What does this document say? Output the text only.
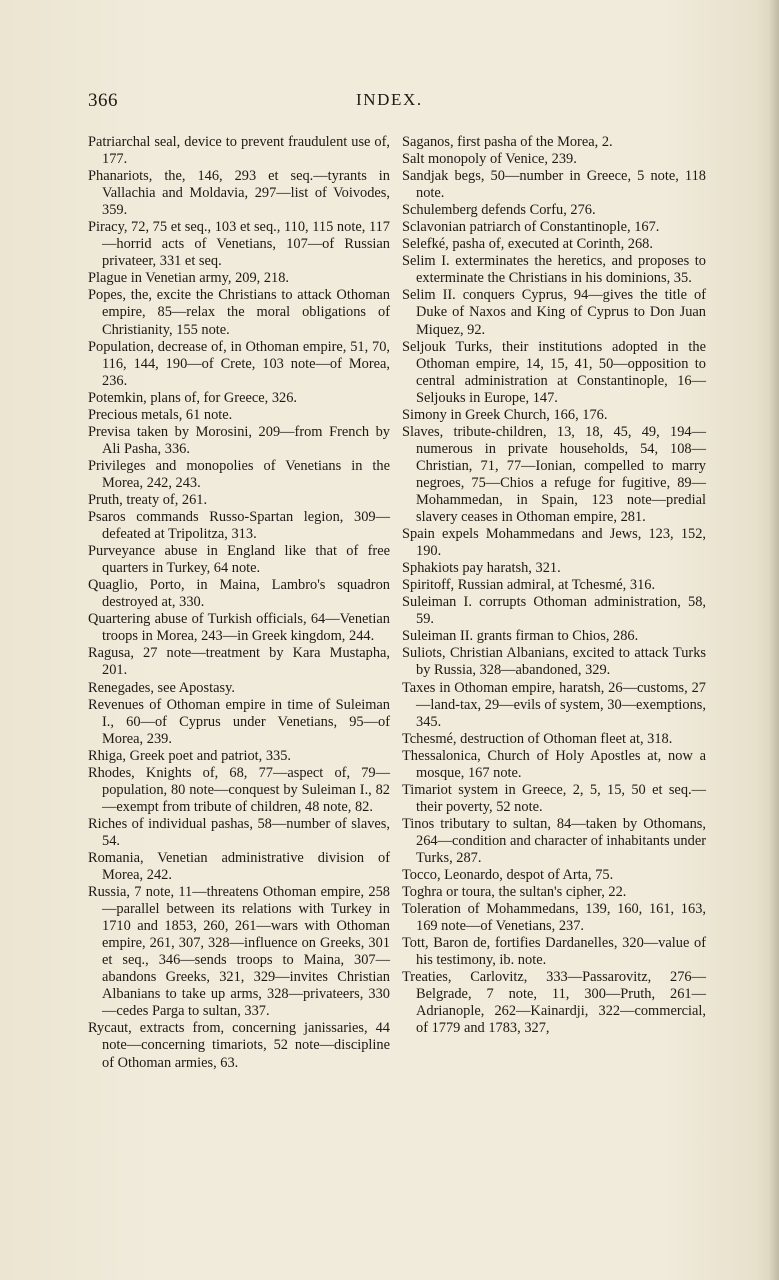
366	INDEX.

Patriarchal seal, device to prevent fraudulent use of, 177.

Phanariots, the, 146, 293 et seq.—tyrants in Vallachia and Moldavia, 297—list of Voivodes, 359.

Piracy, 72, 75 et seq., 103 et seq., 110, 115 note, 117—horrid acts of Venetians, 107—of Russian privateer, 331 et seq.

Plague in Venetian army, 209, 218.

Popes, the, excite the Christians to attack Othoman empire, 85—relax the moral obligations of Christianity, 155 note.

Population, decrease of, in Othoman empire, 51, 70, 116, 144, 190—of Crete, 103 note—of Morea, 236.

Potemkin, plans of, for Greece, 326.

Precious metals, 61 note.

Previsa taken by Morosini, 209—from French by Ali Pasha, 336.

Privileges and monopolies of Venetians in the Morea, 242, 243.

Pruth, treaty of, 261.

Psaros commands Russo-Spartan legion, 309—defeated at Tripolitza, 313.

Purveyance abuse in England like that of free quarters in Turkey, 64 note.

Quaglio, Porto, in Maina, Lambro's squadron destroyed at, 330.

Quartering abuse of Turkish officials, 64—Venetian troops in Morea, 243—in Greek kingdom, 244.

Ragusa, 27 note—treatment by Kara Mustapha, 201.

Renegades, see Apostasy.

Revenues of Othoman empire in time of Suleiman I., 60—of Cyprus under Venetians, 95—of Morea, 239.

Rhiga, Greek poet and patriot, 335.

Rhodes, Knights of, 68, 77—aspect of, 79—population, 80 note—conquest by Suleiman I., 82—exempt from tribute of children, 48 note, 82.

Riches of individual pashas, 58—number of slaves, 54.

Romania, Venetian administrative division of Morea, 242.

Russia, 7 note, 11—threatens Othoman empire, 258—parallel between its relations with Turkey in 1710 and 1853, 260, 261—wars with Othoman empire, 261, 307, 328—influence on Greeks, 301 et seq., 346—sends troops to Maina, 307—abandons Greeks, 321, 329—invites Christian Albanians to take up arms, 328—privateers, 330—cedes Parga to sultan, 337.

Rycaut, extracts from, concerning janissaries, 44 note—concerning timariots, 52 note—discipline of Othoman armies, 63.

Saganos, first pasha of the Morea, 2.

Salt monopoly of Venice, 239.

Sandjak begs, 50—number in Greece, 5 note, 118 note.

Schulemberg defends Corfu, 276.

Sclavonian patriarch of Constantinople, 167.

Selefké, pasha of, executed at Corinth, 268.

Selim I. exterminates the heretics, and proposes to exterminate the Christians in his dominions, 35.

Selim II. conquers Cyprus, 94—gives the title of Duke of Naxos and King of Cyprus to Don Juan Miquez, 92.

Seljouk Turks, their institutions adopted in the Othoman empire, 14, 15, 41, 50—opposition to central administration at Constantinople, 16—Seljouks in Europe, 147.

Simony in Greek Church, 166, 176.

Slaves, tribute-children, 13, 18, 45, 49, 194—numerous in private households, 54, 108—Christian, 71, 77—Ionian, compelled to marry negroes, 75—Chios a refuge for fugitive, 89—Mohammedan, in Spain, 123 note—predial slavery ceases in Othoman empire, 281.

Spain expels Mohammedans and Jews, 123, 152, 190.

Sphakiots pay haratsh, 321.

Spiritoff, Russian admiral, at Tchesmé, 316.

Suleiman I. corrupts Othoman administration, 58, 59.

Suleiman II. grants firman to Chios, 286.

Suliots, Christian Albanians, excited to attack Turks by Russia, 328—abandoned, 329.

Taxes in Othoman empire, haratsh, 26—customs, 27—land-tax, 29—evils of system, 30—exemptions, 345.

Tchesmé, destruction of Othoman fleet at, 318.

Thessalonica, Church of Holy Apostles at, now a mosque, 167 note.

Timariot system in Greece, 2, 5, 15, 50 et seq.—their poverty, 52 note.

Tinos tributary to sultan, 84—taken by Othomans, 264—condition and character of inhabitants under Turks, 287.

Tocco, Leonardo, despot of Arta, 75.

Toghra or toura, the sultan's cipher, 22.

Toleration of Mohammedans, 139, 160, 161, 163, 169 note—of Venetians, 237.

Tott, Baron de, fortifies Dardanelles, 320—value of his testimony, ib. note.

Treaties, Carlovitz, 333—Passarovitz, 276—Belgrade, 7 note, 11, 300—Pruth, 261—Adrianople, 262—Kainardji, 322—commercial, of 1779 and 1783, 327,
